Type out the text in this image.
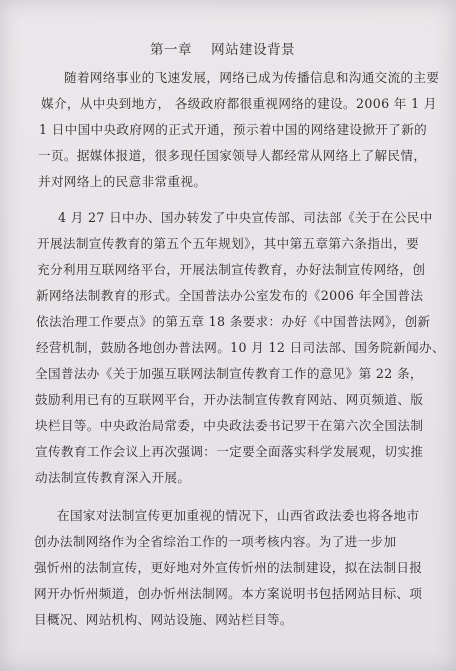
第一章    网站建设背景
随着网络事业的飞速发展，网络已成为传播信息和沟通交流的主要
媒介，从中央到地方， 各级政府都很重视网络的建设。2006 年 1 月
1 日中国中央政府网的正式开通，预示着中国的网络建设掀开了新的
一页。据媒体报道，很多现任国家领导人都经常从网络上了解民情，
并对网络上的民意非常重视。
4 月 27 日中办、国办转发了中央宣传部、司法部《关于在公民中
开展法制宣传教育的第五个五年规划》，其中第五章第六条指出，要
充分利用互联网络平台，开展法制宣传教育，办好法制宣传网络，创
新网络法制教育的形式。全国普法办公室发布的《2006 年全国普法
依法治理工作要点》的第五章 18 条要求：办好《中国普法网》，创新
经营机制，鼓励各地创办普法网。10 月 12 日司法部、国务院新闻办、
全国普法办《关于加强互联网法制宣传教育工作的意见》第 22 条，
鼓励利用已有的互联网平台，开办法制宣传教育网站、网页频道、版
块栏目等。中央政治局常委，中央政法委书记罗干在第六次全国法制
宣传教育工作会议上再次强调：一定要全面落实科学发展观，切实推
动法制宣传教育深入开展。
在国家对法制宣传更加重视的情况下，山西省政法委也将各地市
创办法制网络作为全省综治工作的一项考核内容。为了进一步加
强忻州的法制宣传，更好地对外宣传忻州的法制建设，拟在法制日报
网开办忻州频道，创办忻州法制网。本方案说明书包括网站目标、项
目概况、网站机构、网站设施、网站栏目等。
